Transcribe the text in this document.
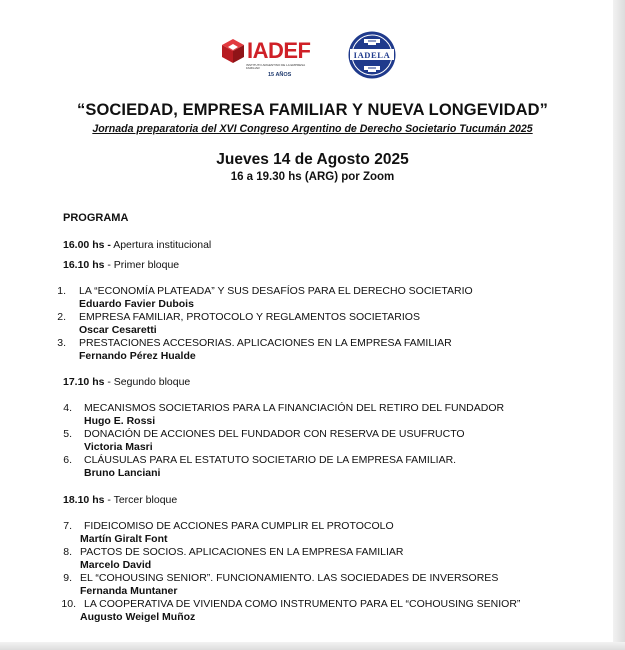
IADEF
INSTITUTO ARGENTINO DE LA EMPRESA FAMILIAR
15 AÑOS
IADELA
“SOCIEDAD, EMPRESA FAMILIAR Y NUEVA LONGEVIDAD”
Jornada preparatoria del XVI Congreso Argentino de Derecho Societario Tucumán 2025
Jueves 14 de Agosto 2025
16 a 19.30 hs (ARG) por Zoom
PROGRAMA
16.00 hs - Apertura institucional
16.10 hs - Primer bloque
1. LA “ECONOMÍA PLATEADA” Y SUS DESAFÍOS PARA EL DERECHO SOCIETARIO
Eduardo Favier Dubois
2. EMPRESA FAMILIAR, PROTOCOLO Y REGLAMENTOS SOCIETARIOS
Oscar Cesaretti
3. PRESTACIONES ACCESORIAS. APLICACIONES EN LA EMPRESA FAMILIAR
Fernando Pérez Hualde
17.10 hs - Segundo bloque
4. MECANISMOS SOCIETARIOS PARA LA FINANCIACIÓN DEL RETIRO DEL FUNDADOR
Hugo E. Rossi
5. DONACIÓN DE ACCIONES DEL FUNDADOR CON RESERVA DE USUFRUCTO
Victoria Masri
6. CLÁUSULAS PARA EL ESTATUTO SOCIETARIO DE LA EMPRESA FAMILIAR.
Bruno Lanciani
18.10 hs - Tercer bloque
7. FIDEICOMISO DE ACCIONES PARA CUMPLIR EL PROTOCOLO
Martín Giralt Font
8. PACTOS DE SOCIOS. APLICACIONES EN LA EMPRESA FAMILIAR
Marcelo David
9. EL “COHOUSING SENIOR”. FUNCIONAMIENTO. LAS SOCIEDADES DE INVERSORES
Fernanda Muntaner
10. LA COOPERATIVA DE VIVIENDA COMO INSTRUMENTO PARA EL “COHOUSING SENIOR”
Augusto Weigel Muñoz
